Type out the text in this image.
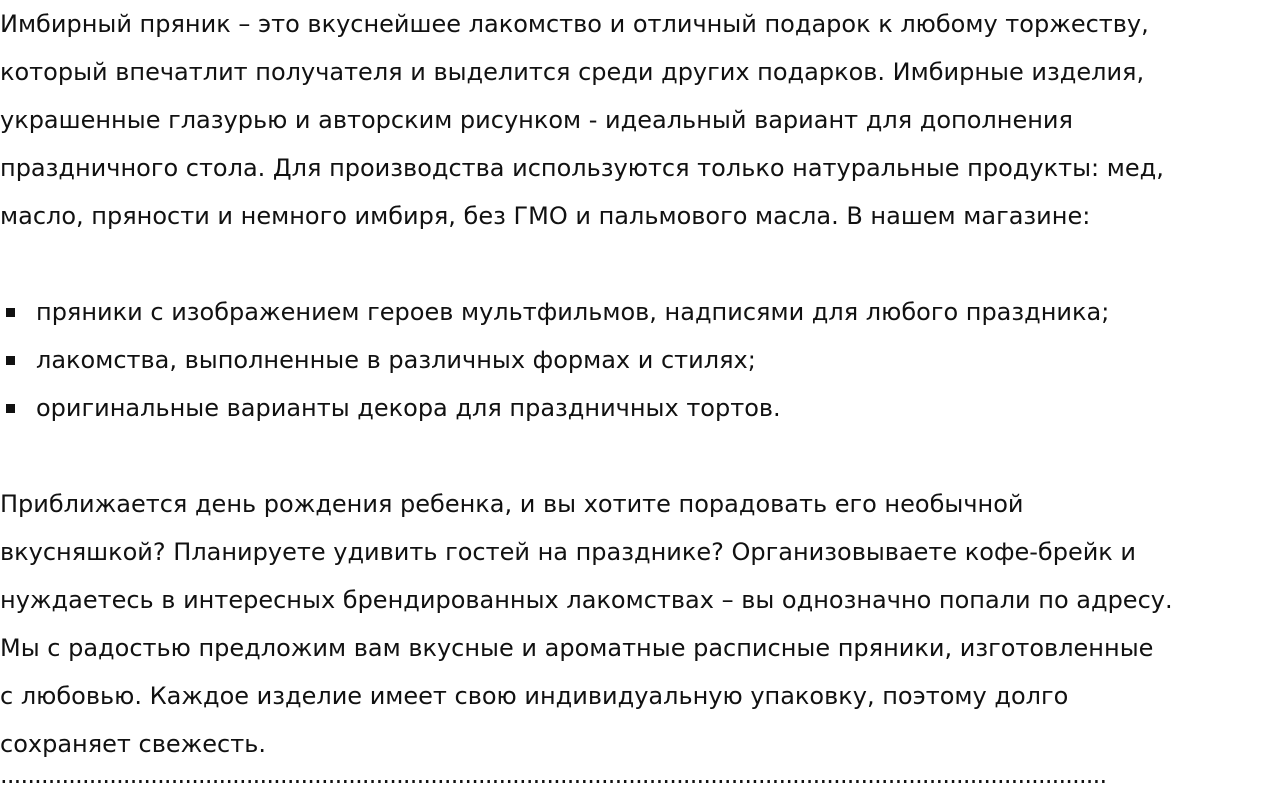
Имбирный пряник – это вкуснейшее лакомство и отличный подарок к любому торжеству,

который впечатлит получателя и выделится среди других подарков. Имбирные изделия,

украшенные глазурью и авторским рисунком - идеальный вариант для дополнения

праздничного стола. Для производства используются только натуральные продукты: мед,

масло, пряности и немного имбиря, без ГМО и пальмового масла. В нашем магазине:

пряники с изображением героев мультфильмов, надписями для любого праздника;
лакомства, выполненные в различных формах и стилях;
оригинальные варианты декора для праздничных тортов.

Приближается день рождения ребенка, и вы хотите порадовать его необычной

вкусняшкой? Планируете удивить гостей на празднике? Организовываете кофе-брейк и

нуждаетесь в интересных брендированных лакомствах – вы однозначно попали по адресу.

Мы с радостью предложим вам вкусные и ароматные расписные пряники, изготовленные

с любовью. Каждое изделие имеет свою индивидуальную упаковку, поэтому долго

сохраняет свежесть.

..................................................................................................................................................................
